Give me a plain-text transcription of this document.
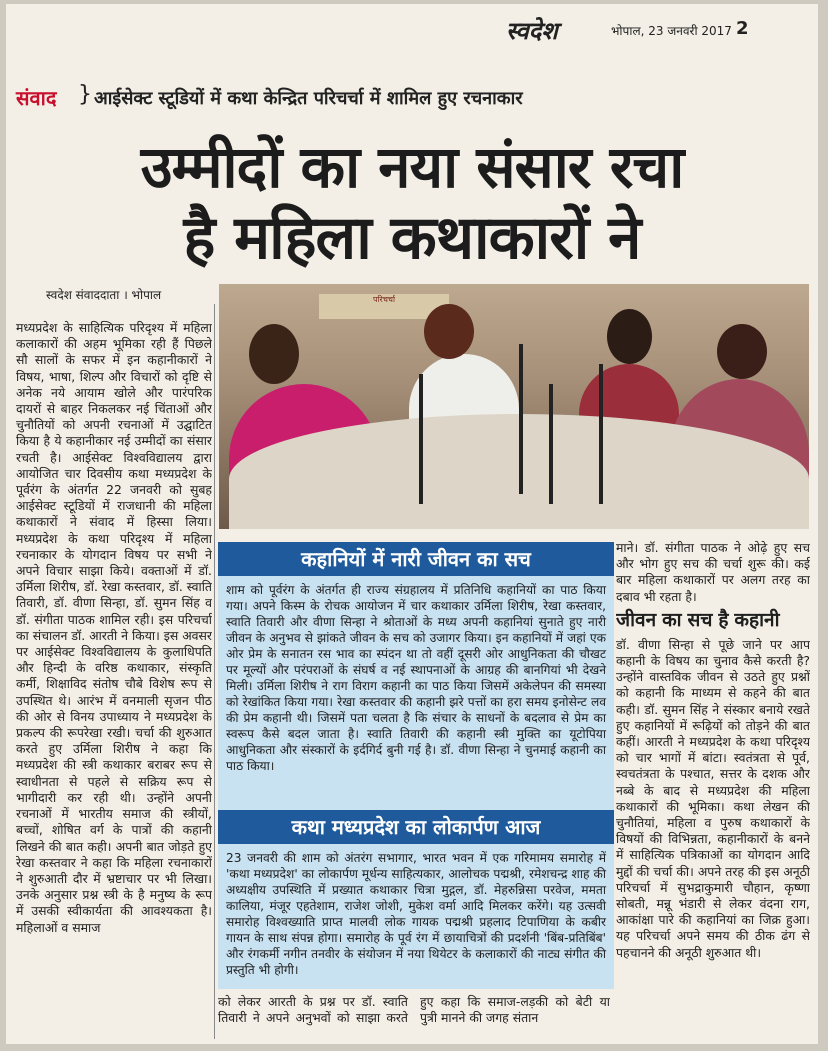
स्वदेश	भोपाल, 23 जनवरी 2017 2
संवाद } आईसेक्ट स्टूडियों में कथा केन्द्रित परिचर्चा में शामिल हुए रचनाकार
उम्मीदों का नया संसार रचा
है महिला कथाकारों ने
स्वदेश संवाददाता । भोपाल	परिचर्चा
मध्यप्रदेश के साहित्यिक परिदृश्य में महिला कलाकारों की अहम भूमिका रही हैं पिछले सौ सालों के सफर में इन कहानीकारों ने विषय, भाषा, शिल्प और विचारों को दृष्टि से अनेक नये आयाम खोले और पारंपरिक दायरों से बाहर निकलकर नई चिंताओं और चुनौतियों को अपनी रचनाओं में उद्घाटित किया है ये कहानीकार नई उम्मीदों का संसार रचती है। आईसेक्ट विश्वविद्यालय द्वारा आयोजित चार दिवसीय कथा मध्यप्रदेश के पूर्वरंग के अंतर्गत 22 जनवरी को सुबह आईसेक्ट स्टूडियों में राजधानी की महिला कथाकारों ने संवाद में हिस्सा लिया। मध्यप्रदेश के कथा परिदृश्य में महिला रचनाकार के योगदान विषय पर सभी ने अपने विचार साझा किये। वक्ताओं में डॉ. उर्मिला शिरीष, डॉ. रेखा कस्तवार, डॉ. स्वाति तिवारी, डॉ. वीणा सिन्हा, डॉ. सुमन सिंह व डॉ. संगीता पाठक शामिल रही। इस परिचर्चा का संचालन डॉ. आरती ने किया। इस अवसर पर आईसेक्ट विश्वविद्यालय के कुलाधिपति और हिन्दी के वरिष्ठ कथाकार, संस्कृति कर्मी, शिक्षाविद संतोष चौबे विशेष रूप से उपस्थित थे। आरंभ में वनमाली सृजन पीठ की ओर से विनय उपाध्याय ने मध्यप्रदेश के प्रकल्प की रूपरेखा रखी। चर्चा की शुरुआत करते हुए उर्मिला शिरीष ने कहा कि मध्यप्रदेश की स्त्री कथाकार बराबर रूप से स्वाधीनता से पहले से सक्रिय रूप से भागीदारी कर रही थी। उन्होंने अपनी रचनाओं में भारतीय समाज की स्त्रीयों, बच्चों, शोषित वर्ग के पात्रों की कहानी लिखने की बात कही। अपनी बात जोड़ते हुए रेखा कस्तवार ने कहा कि महिला रचनाकारों ने शुरुआती दौर में भ्रष्टाचार पर भी लिखा। उनके अनुसार प्रश्न स्त्री के है मनुष्य के रूप में उसकी स्वीकार्यता की आवश्यकता है। महिलाओं व समाज
कहानियों में नारी जीवन का सच
शाम को पूर्वरंग के अंतर्गत ही राज्य संग्रहालय में प्रतिनिधि कहानियों का पाठ किया गया। अपने किस्म के रोचक आयोजन में चार कथाकार उर्मिला शिरीष, रेखा कस्तवार, स्वाति तिवारी और वीणा सिन्हा ने श्रोताओं के मध्य अपनी कहानियां सुनाते हुए नारी जीवन के अनुभव से झांकते जीवन के सच को उजागर किया। इन कहानियों में जहां एक ओर प्रेम के सनातन रस भाव का स्पंदन था तो वहीं दूसरी ओर आधुनिकता की चौखट पर मूल्यों और परंपराओं के संघर्ष व नई स्थापनाओं के आग्रह की बानगियां भी देखने मिली। उर्मिला शिरीष ने राग विराग कहानी का पाठ किया जिसमें अकेलेपन की समस्या को रेखांकित किया गया। रेखा कस्तवार की कहानी झरे पत्तों का हरा समय इनोसेन्ट लव की प्रेम कहानी थी। जिसमें पता चलता है कि संचार के साधनों के बदलाव से प्रेम का स्वरूप कैसे बदल जाता है। स्वाति तिवारी की कहानी स्त्री मुक्ति का यूटोपिया आधुनिकता और संस्कारों के इर्दगिर्द बुनी गई है। डॉ. वीणा सिन्हा ने चुनमाई कहानी का पाठ किया।
कथा मध्यप्रदेश का लोकार्पण आज
23 जनवरी की शाम को अंतरंग सभागार, भारत भवन में एक गरिमामय समारोह में 'कथा मध्यप्रदेश' का लोकार्पण मूर्धन्य साहित्यकार, आलोचक पद्मश्री, रमेशचन्द्र शाह की अध्यक्षीय उपस्थिति में प्रख्यात कथाकार चित्रा मुद्गल, डॉ. मेहरुन्निसा परवेज, ममता कालिया, मंजूर एहतेशाम, राजेश जोशी, मुकेश वर्मा आदि मिलकर करेंगे। यह उत्सवी समारोह विश्वख्याति प्राप्त मालवी लोक गायक पद्मश्री प्रहलाद टिपाणिया के कबीर गायन के साथ संपन्न होगा। समारोह के पूर्व रंग में छायाचित्रों की प्रदर्शनी 'बिंब-प्रतिबिंब' और रंगकर्मी नगीन तनवीर के संयोजन में नया थियेटर के कलाकारों की नाट्य संगीत की प्रस्तुति भी होगी।
को लेकर आरती के प्रश्न पर डॉ. स्वाति तिवारी ने अपने अनुभवों को साझा करते हुए कहा कि समाज-लड़की को बेटी या पुत्री मानने की जगह संतान
माने। डॉ. संगीता पाठक ने ओढ़े हुए सच और भोग हुए सच की चर्चा शुरू की। कई बार महिला कथाकारों पर अलग तरह का दबाव भी रहता है।
जीवन का सच है कहानी
डॉ. वीणा सिन्हा से पूछे जाने पर आप कहानी के विषय का चुनाव कैसे करती है? उन्होंने वास्तविक जीवन से उठते हुए प्रश्नों को कहानी कि माध्यम से कहने की बात कही। डॉ. सुमन सिंह ने संस्कार बनाये रखते हुए कहानियों में रूढ़ियों को तोड़ने की बात कहीं। आरती ने मध्यप्रदेश के कथा परिदृश्य को चार भागों में बांटा। स्वतंत्रता से पूर्व, स्वचतंत्रता के पश्चात, सत्तर के दशक और नब्बे के बाद से मध्यप्रदेश की महिला कथाकारों की भूमिका। कथा लेखन की चुनौतियां, महिला व पुरुष कथाकारों के विषयों की विभिन्नता, कहानीकारों के बनने में साहित्यिक पत्रिकाओं का योगदान आदि मुद्दों की चर्चा की। अपने तरह की इस अनूठी परिचर्चा में सुभद्राकुमारी चौहान, कृष्णा सोबती, मन्नू भंडारी से लेकर वंदना राग, आकांक्षा पारे की कहानियां का जिक्र हुआ। यह परिचर्चा अपने समय की ठीक ढंग से पहचानने की अनूठी शुरुआत थी।
